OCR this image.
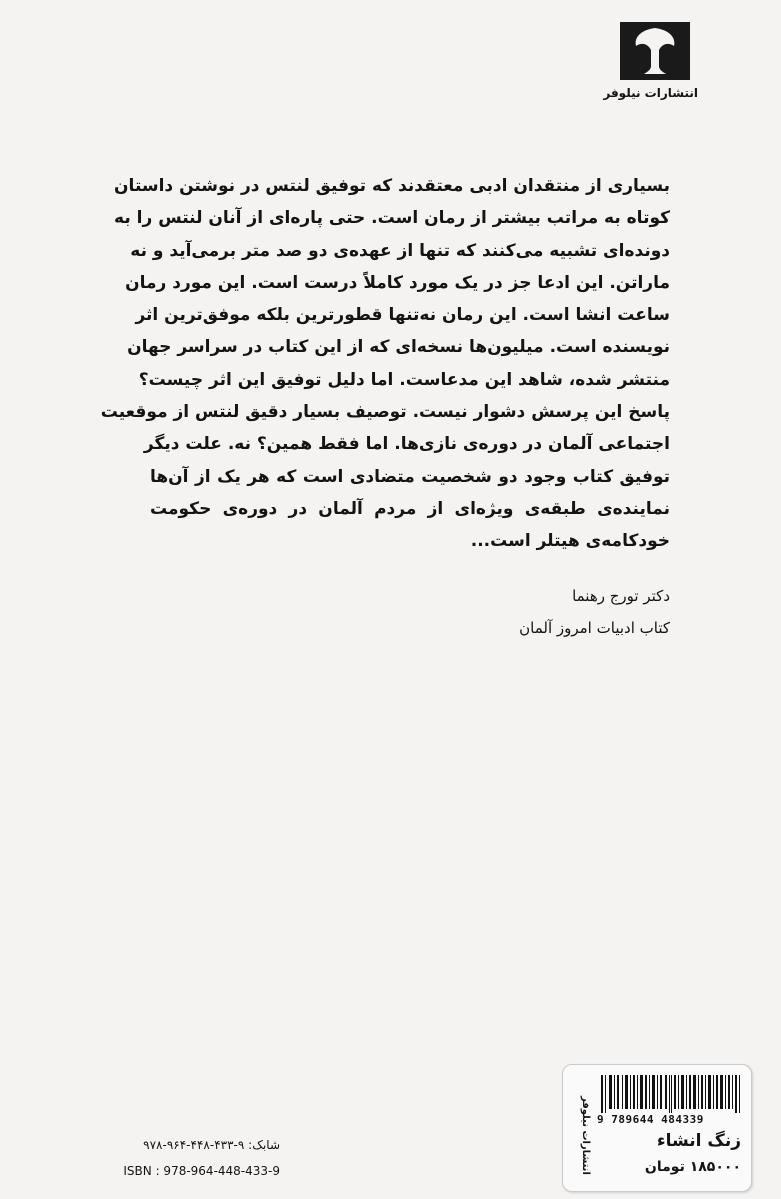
انتشارات نیلوفر
بسیاری از منتقدان ادبی معتقدند که توفیق لنتس در نوشتن داستان
کوتاه به مراتب بیشتر از رمان است. حتی پاره‌ای از آنان لنتس را به
دونده‌ای تشبیه می‌کنند که تنها از عهده‌ی دو صد متر برمی‌آید و نه
ماراتن. این ادعا جز در یک مورد کاملاً درست است. این مورد رمان
ساعت انشا است. این رمان نه‌تنها قطورترین بلکه موفق‌ترین اثر
نویسنده است. میلیون‌ها نسخه‌ای که از این کتاب در سراسر جهان
منتشر شده، شاهد این مدعاست. اما دلیل توفیق این اثر چیست؟
پاسخ این پرسش دشوار نیست. توصیف بسیار دقیق لنتس از موقعیت
اجتماعی آلمان در دوره‌ی نازی‌ها. اما فقط همین؟ نه. علت دیگر
توفیق کتاب وجود دو شخصیت متضادی است که هر یک از آن‌ها
نماینده‌ی طبقه‌ی ویژه‌ای از مردم آلمان در دوره‌ی حکومت
خودکامه‌ی هیتلر است...
دکتر تورج رهنما
کتاب ادبیات امروز آلمان
شابک: ۹-۴۳۳-۴۴۸-۹۶۴-۹۷۸
ISBN : 978-964-448-433-9	انتشارات نیلوفر 9 789644 484339
زنگ انشاء
۱۸۵۰۰۰ تومان
